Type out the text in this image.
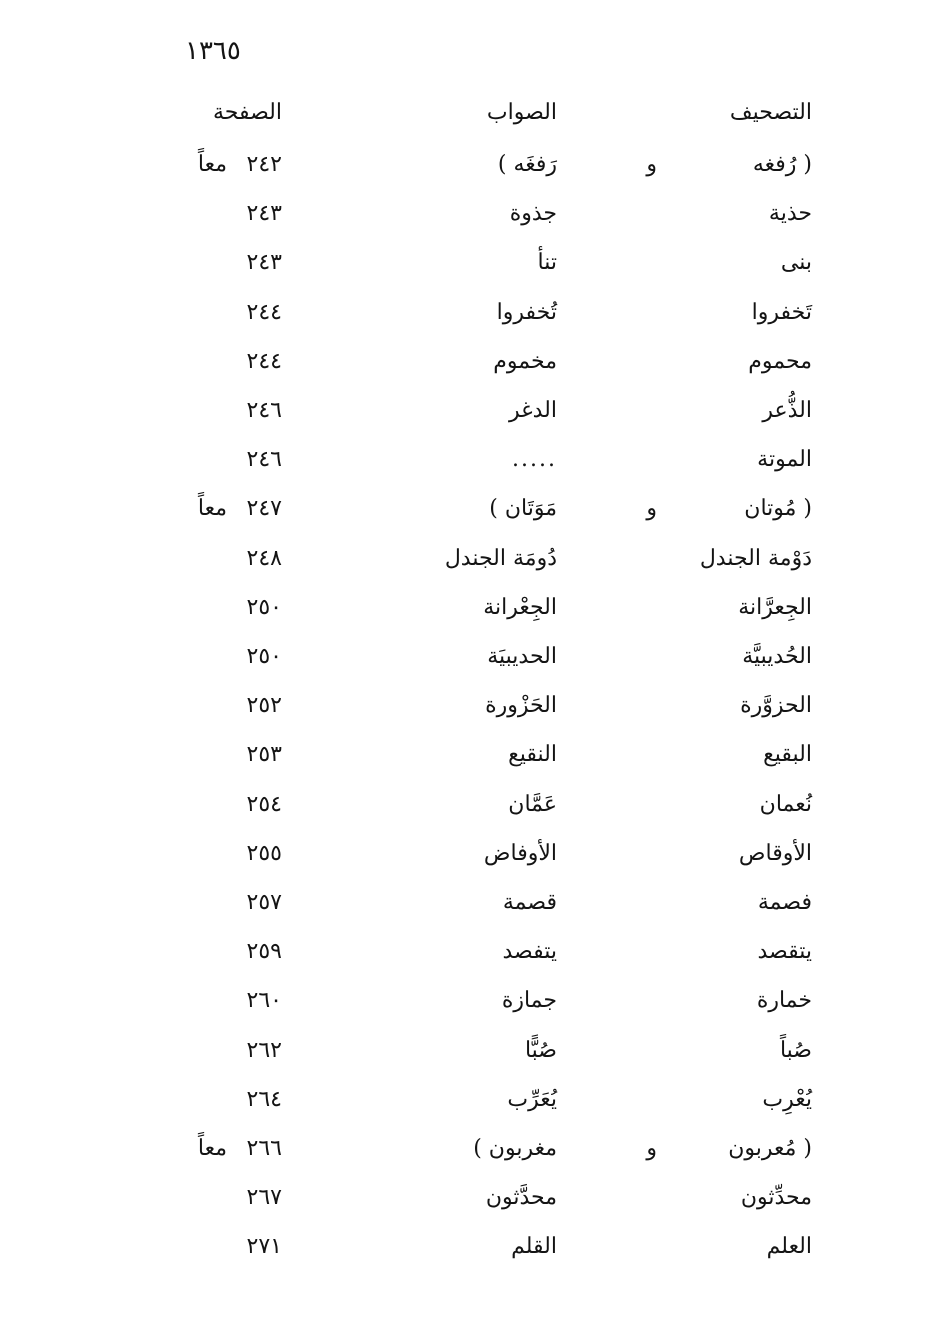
١٣٦٥
التصحيف
الصواب
الصفحة
( رُفغه
و
رَفغَه )
٢٤٢
معاً
حذية
جذوة
٢٤٣
بنى
تنأ
٢٤٣
تَخفروا
تُخفروا
٢٤٤
محموم
مخموم
٢٤٤
الذُّعر
الدغر
٢٤٦
الموتة
.....
٢٤٦
( مُوتان
و
مَوَتَان )
٢٤٧
معاً
دَوْمة الجندل
دُومَة الجندل
٢٤٨
الجِعرَّانة
الجِعْرانة
٢٥٠
الحُديبيَّة
الحديبيَة
٢٥٠
الحزوَّرة
الحَزْورة
٢٥٢
البقيع
النقيع
٢٥٣
نُعمان
عَمَّان
٢٥٤
الأوقاص
الأوفاض
٢٥٥
فصمة
قصمة
٢٥٧
يتقصد
يتفصد
٢٥٩
خمارة
جمازة
٢٦٠
صُباً
صُبًّا
٢٦٢
يُعْرِب
يُعَرِّب
٢٦٤
( مُعربون
و
مغربون )
٢٦٦
معاً
محدِّثون
محدَّثون
٢٦٧
العلم
القلم
٢٧١
